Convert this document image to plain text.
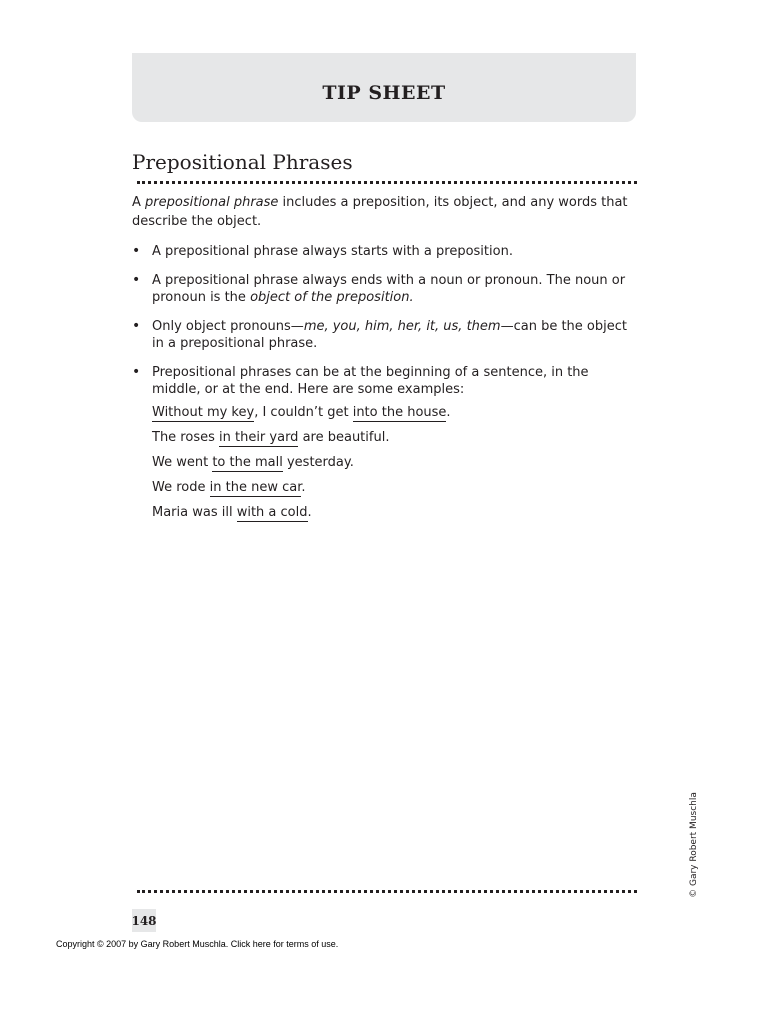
TIP SHEET
Prepositional Phrases

A prepositional phrase includes a preposition, its object, and any words that describe the object.

• A prepositional phrase always starts with a preposition.
• A prepositional phrase always ends with a noun or pronoun. The noun or pronoun is the object of the preposition.
• Only object pronouns—me, you, him, her, it, us, them—can be the object in a prepositional phrase.
• Prepositional phrases can be at the beginning of a sentence, in the middle, or at the end. Here are some examples:
Without my key, I couldn’t get into the house.
The roses in their yard are beautiful.
We went to the mall yesterday.
We rode in the new car.
Maria was ill with a cold.
© Gary Robert Muschla
148
Copyright © 2007 by Gary Robert Muschla. Click here for terms of use.
